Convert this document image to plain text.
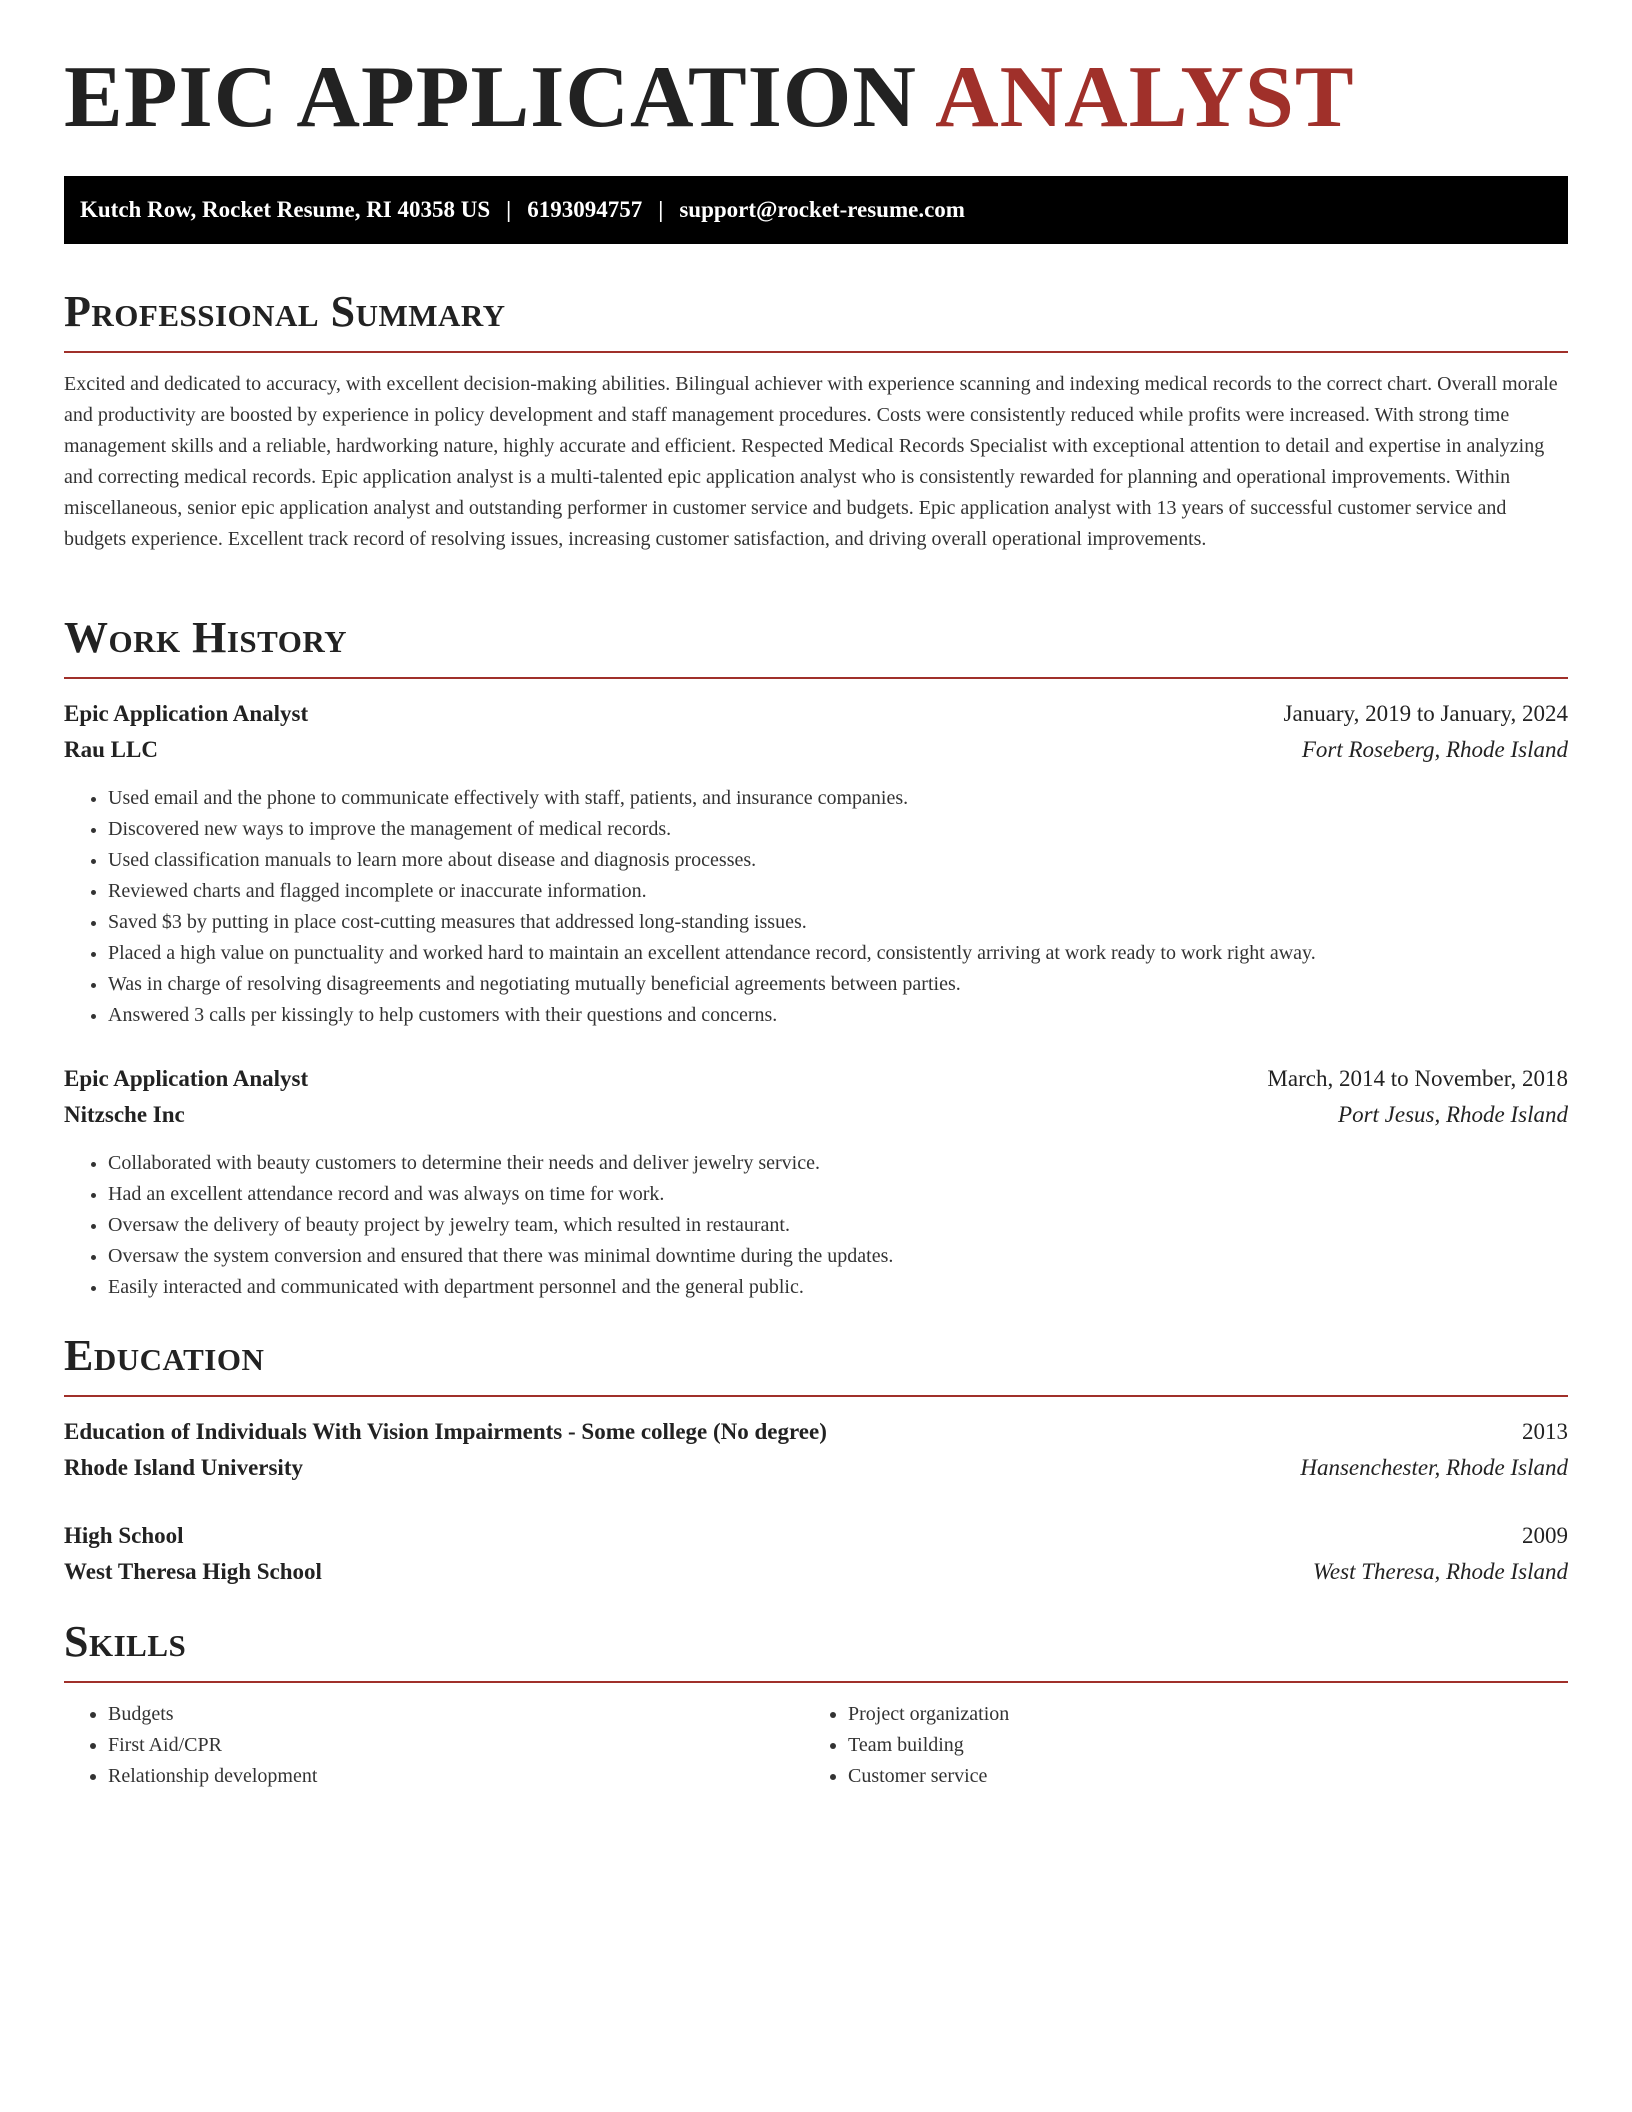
EPIC APPLICATION ANALYST
Kutch Row, Rocket Resume, RI 40358 US | 6193094757 | support@rocket-resume.com
Professional Summary

Excited and dedicated to accuracy, with excellent decision-making abilities. Bilingual achiever with experience scanning and indexing medical records to the correct chart. Overall morale and productivity are boosted by experience in policy development and staff management procedures. Costs were consistently reduced while profits were increased. With strong time management skills and a reliable, hardworking nature, highly accurate and efficient. Respected Medical Records Specialist with exceptional attention to detail and expertise in analyzing and correcting medical records. Epic application analyst is a multi-talented epic application analyst who is consistently rewarded for planning and operational improvements. Within miscellaneous, senior epic application analyst and outstanding performer in customer service and budgets. Epic application analyst with 13 years of successful customer service and budgets experience. Excellent track record of resolving issues, increasing customer satisfaction, and driving overall operational improvements.

Work History
Epic Application Analyst	January, 2019 to January, 2024
Rau LLC	Fort Roseberg, Rhode Island
• Used email and the phone to communicate effectively with staff, patients, and insurance companies.
• Discovered new ways to improve the management of medical records.
• Used classification manuals to learn more about disease and diagnosis processes.
• Reviewed charts and flagged incomplete or inaccurate information.
• Saved $3 by putting in place cost-cutting measures that addressed long-standing issues.
• Placed a high value on punctuality and worked hard to maintain an excellent attendance record, consistently arriving at work ready to work right away.
• Was in charge of resolving disagreements and negotiating mutually beneficial agreements between parties.
• Answered 3 calls per kissingly to help customers with their questions and concerns.
Epic Application Analyst	March, 2014 to November, 2018
Nitzsche Inc	Port Jesus, Rhode Island
• Collaborated with beauty customers to determine their needs and deliver jewelry service.
• Had an excellent attendance record and was always on time for work.
• Oversaw the delivery of beauty project by jewelry team, which resulted in restaurant.
• Oversaw the system conversion and ensured that there was minimal downtime during the updates.
• Easily interacted and communicated with department personnel and the general public.
Education
Education of Individuals With Vision Impairments - Some college (No degree)	2013
Rhode Island University	Hansenchester, Rhode Island
High School	2009
West Theresa High School	West Theresa, Rhode Island
Skills
• Budgets
• First Aid/CPR
• Relationship development
• Project organization
• Team building
• Customer service
